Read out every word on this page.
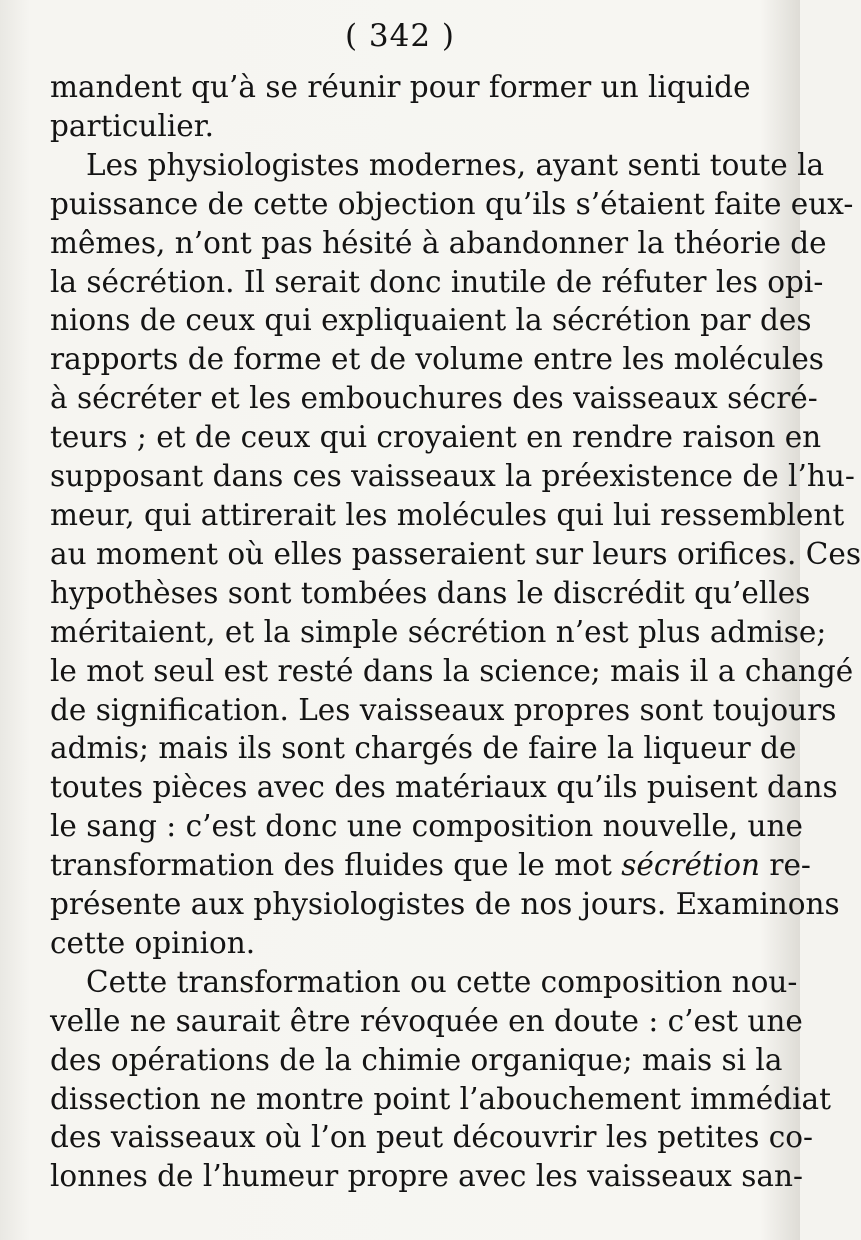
( 342 )

mandent qu’à se réunir pour former un liquide
particulier.

Les physiologistes modernes, ayant senti toute la
puissance de cette objection qu’ils s’étaient faite eux-
mêmes, n’ont pas hésité à abandonner la théorie de
la sécrétion. Il serait donc inutile de réfuter les opi-
nions de ceux qui expliquaient la sécrétion par des
rapports de forme et de volume entre les molécules
à sécréter et les embouchures des vaisseaux sécré-
teurs ; et de ceux qui croyaient en rendre raison en
supposant dans ces vaisseaux la préexistence de l’hu-
meur, qui attirerait les molécules qui lui ressemblent
au moment où elles passeraient sur leurs orifices. Ces
hypothèses sont tombées dans le discrédit qu’elles
méritaient, et la simple sécrétion n’est plus admise;
le mot seul est resté dans la science; mais il a changé
de signification. Les vaisseaux propres sont toujours
admis; mais ils sont chargés de faire la liqueur de
toutes pièces avec des matériaux qu’ils puisent dans
le sang : c’est donc une composition nouvelle, une
transformation des fluides que le mot sécrétion re-
présente aux physiologistes de nos jours. Examinons
cette opinion.

Cette transformation ou cette composition nou-
velle ne saurait être révoquée en doute : c’est une
des opérations de la chimie organique; mais si la
dissection ne montre point l’abouchement immédiat
des vaisseaux où l’on peut découvrir les petites co-
lonnes de l’humeur propre avec les vaisseaux san-
